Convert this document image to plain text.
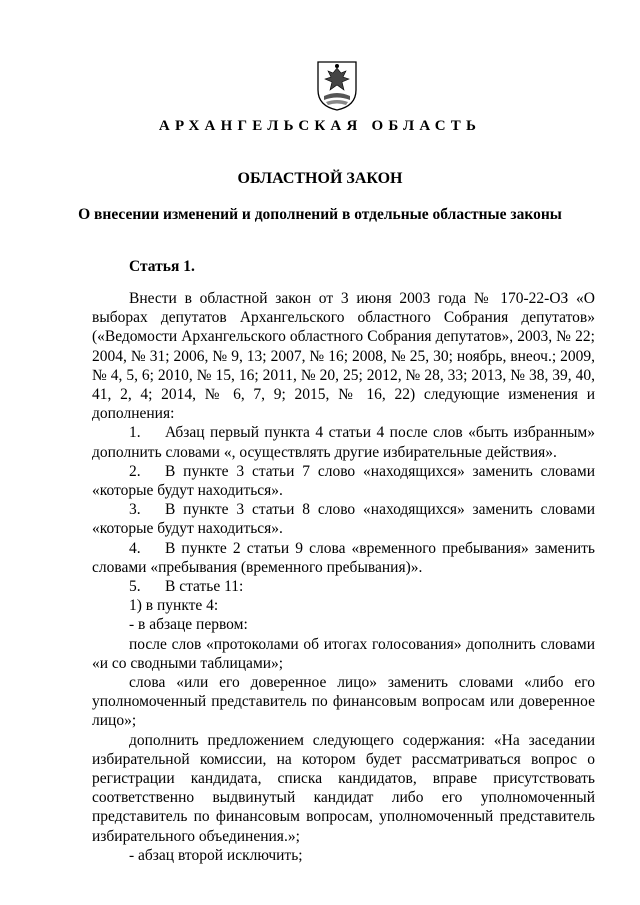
АРХАНГЕЛЬСКАЯ ОБЛАСТЬ
ОБЛАСТНОЙ ЗАКОН
О внесении изменений и дополнений в отдельные областные законы
Статья 1.

Внести в областной закон от 3 июня 2003 года № 170-22-ОЗ «О выборах депутатов Архангельского областного Собрания депутатов» («Ведомости Архангельского областного Собрания депутатов», 2003, № 22; 2004, № 31; 2006, № 9, 13; 2007, № 16; 2008, № 25, 30; ноябрь, внеоч.; 2009, № 4, 5, 6; 2010, № 15, 16; 2011, № 20, 25; 2012, № 28, 33; 2013, № 38, 39, 40, 41, 2, 4; 2014, № 6, 7, 9; 2015, № 16, 22) следующие изменения и дополнения:

1.	Абзац первый пункта 4 статьи 4 после слов «быть избранным»

дополнить словами «, осуществлять другие избирательные действия».

2.	В пункте 3 статьи 7 слово «находящихся» заменить словами

«которые будут находиться».

3.	В пункте 3 статьи 8 слово «находящихся» заменить словами

«которые будут находиться».

4.	В пункте 2 статьи 9 слова «временного пребывания» заменить

словами «пребывания (временного пребывания)».

5.	В статье 11:

1) в пункте 4:

- в абзаце первом:

после слов «протоколами об итогах голосования» дополнить словами «и со сводными таблицами»;

слова «или его доверенное лицо» заменить словами «либо его уполномоченный представитель по финансовым вопросам или доверенное лицо»;

дополнить предложением следующего содержания: «На заседании избирательной комиссии, на котором будет рассматриваться вопрос о регистрации кандидата, списка кандидатов, вправе присутствовать соответственно выдвинутый кандидат либо его уполномоченный представитель по финансовым вопросам, уполномоченный представитель избирательного объединения.»;

- абзац второй исключить;
